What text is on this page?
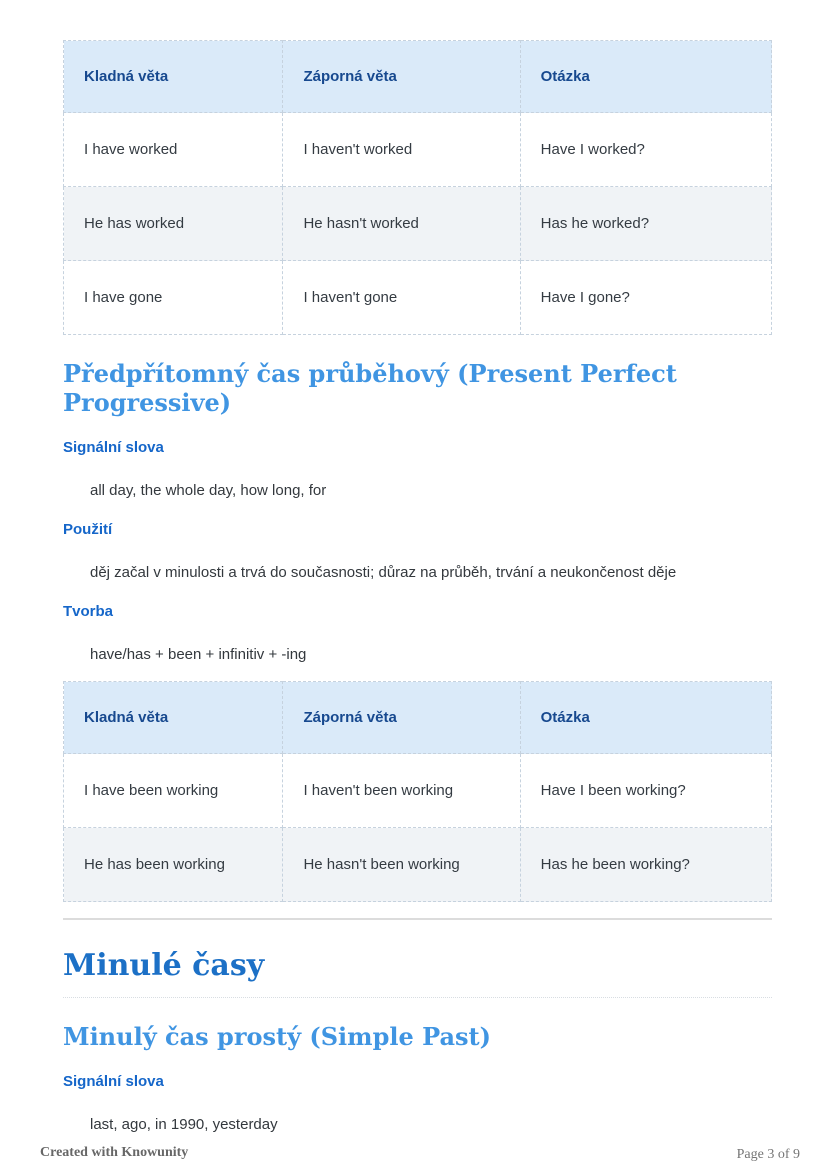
Kladná věta	Záporná věta	Otázka
I have worked	I haven't worked	Have I worked?
He has worked	He hasn't worked	Has he worked?
I have gone	I haven't gone	Have I gone?
Předpřítomný čas průběhový (Present Perfect Progressive)
Signální slova
all day, the whole day, how long, for
Použití
děj začal v minulosti a trvá do současnosti; důraz na průběh, trvání a neukončenost děje
Tvorba
have/has + been + infinitiv + -ing
Kladná věta	Záporná věta	Otázka
I have been working	I haven't been working	Have I been working?
He has been working	He hasn't been working	Has he been working?
Minulé časy
Minulý čas prostý (Simple Past)
Signální slova
last, ago, in 1990, yesterday
Created with Knowunity	Page 3 of 9
